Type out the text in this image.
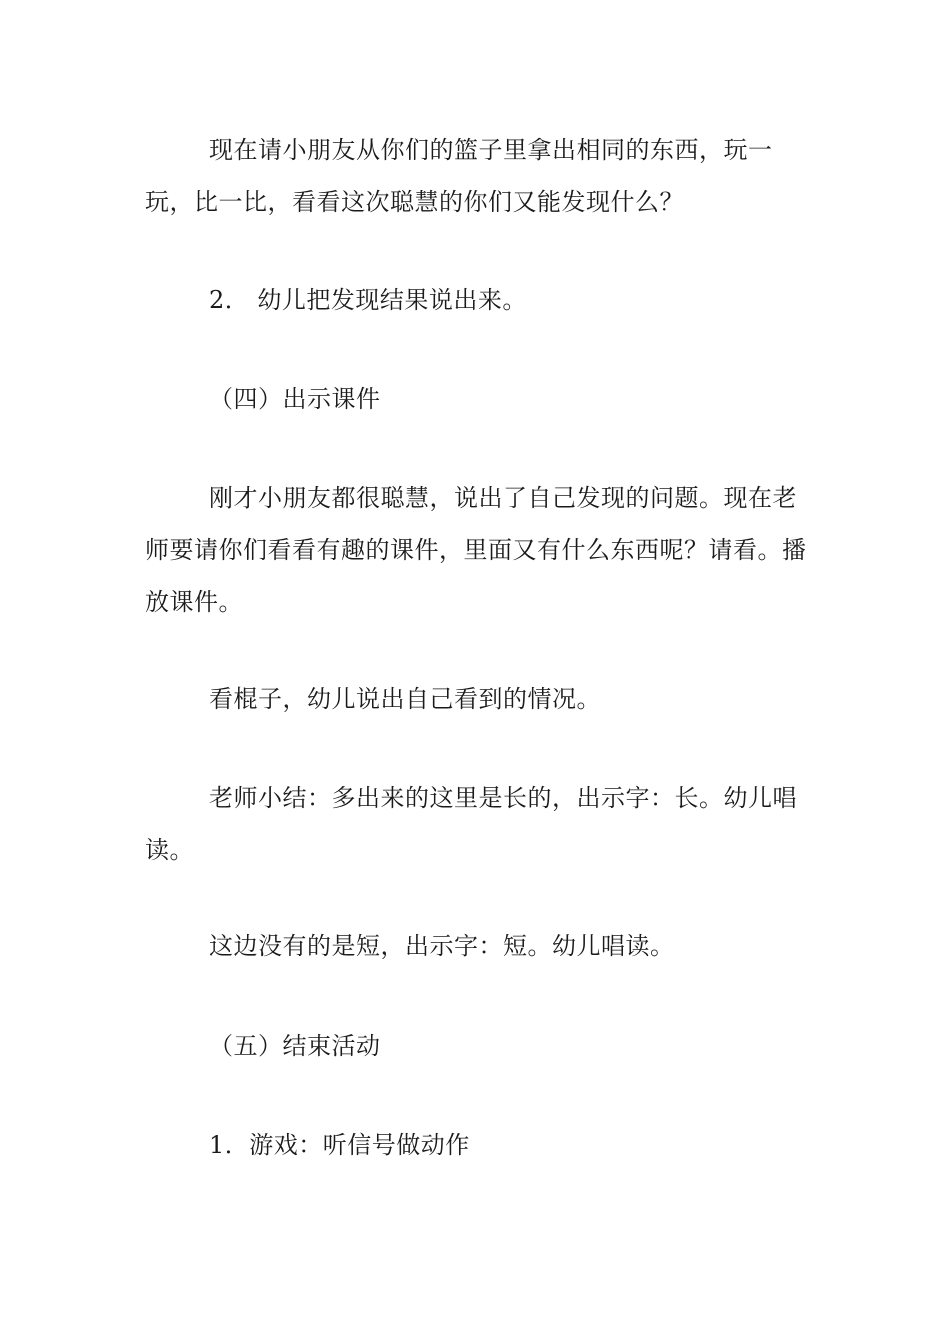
现在请小朋友从你们的篮子里拿出相同的东西，玩一玩，比一比，看看这次聪慧的你们又能发现什么？

2． 幼儿把发现结果说出来。

（四）出示课件

刚才小朋友都很聪慧，说出了自己发现的问题。现在老师要请你们看看有趣的课件，里面又有什么东西呢？请看。播放课件。

看棍子，幼儿说出自己看到的情况。

老师小结：多出来的这里是长的，出示字：长。幼儿唱读。

这边没有的是短，出示字：短。幼儿唱读。

（五）结束活动

1．游戏：听信号做动作
